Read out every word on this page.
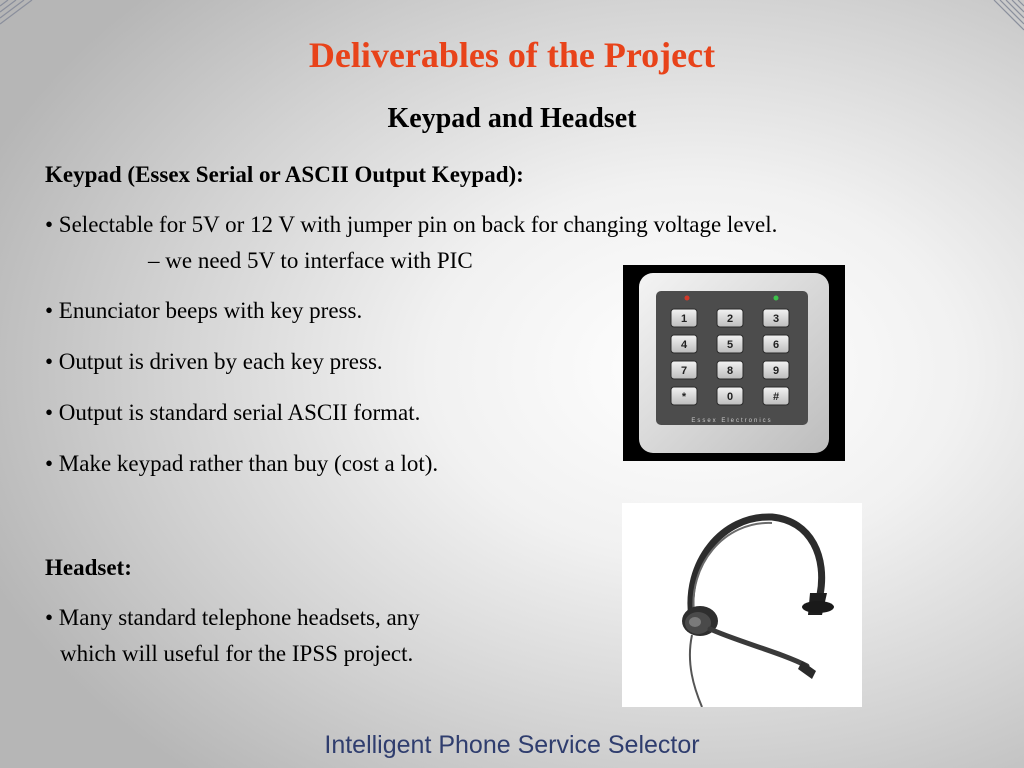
Deliverables of the Project
Keypad and Headset
Keypad (Essex Serial or ASCII Output Keypad):
• Selectable for 5V or 12 V with jumper pin on back for changing voltage level.
– we need 5V to interface with PIC
• Enunciator beeps with key press.
• Output is driven by each key press.
• Output is standard serial ASCII format.
• Make keypad rather than buy (cost a lot).
Headset:
• Many standard telephone headsets, any
which will useful for the IPSS project.
1	2	3
4	5	6
7	8	9
*	0	#
Essex Electronics
Intelligent Phone Service Selector
